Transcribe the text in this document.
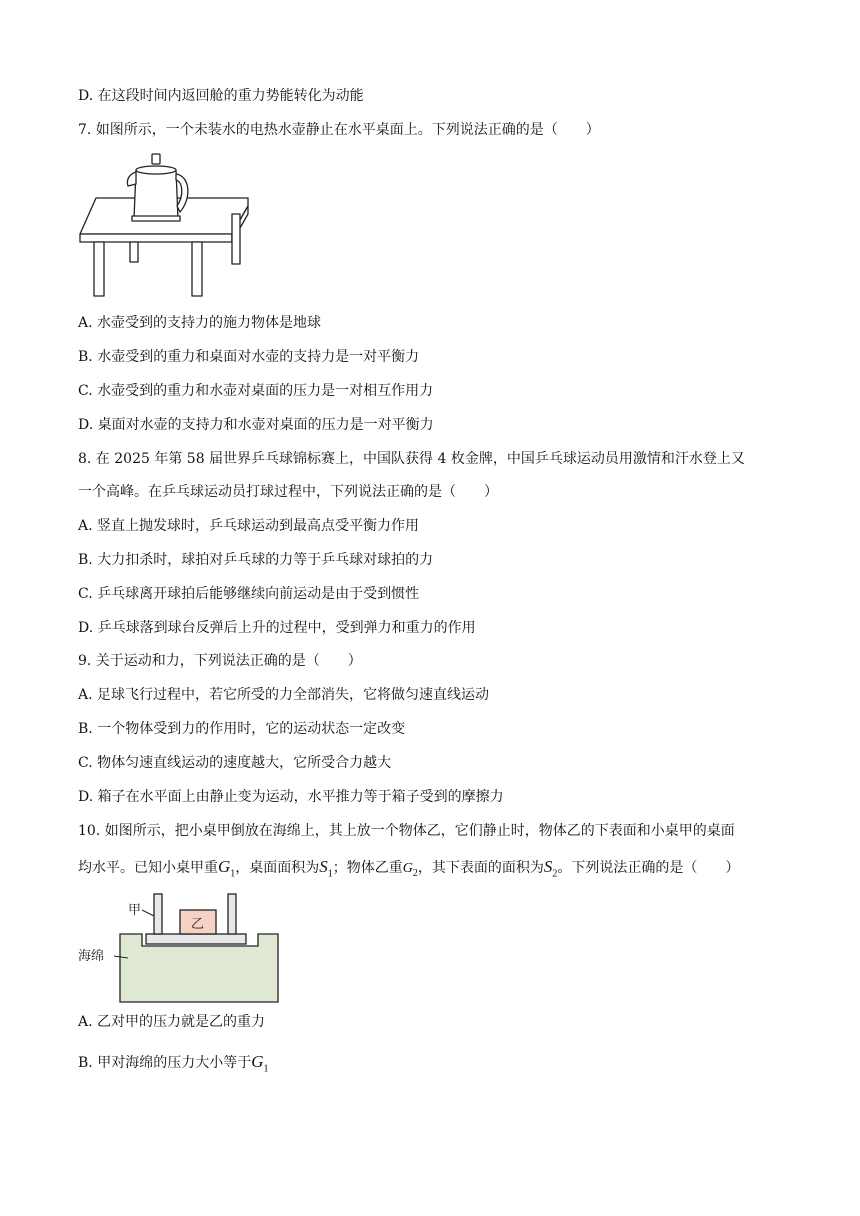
D. 在这段时间内返回舱的重力势能转化为动能
7. 如图所示，一个未装水的电热水壶静止在水平桌面上。下列说法正确的是（　　）
A. 水壶受到的支持力的施力物体是地球
B. 水壶受到的重力和桌面对水壶的支持力是一对平衡力
C. 水壶受到的重力和水壶对桌面的压力是一对相互作用力
D. 桌面对水壶的支持力和水壶对桌面的压力是一对平衡力
8. 在 2025 年第 58 届世界乒乓球锦标赛上，中国队获得 4 枚金牌，中国乒乓球运动员用激情和汗水登上又
一个高峰。在乒乓球运动员打球过程中，下列说法正确的是（　　）
A. 竖直上抛发球时，乒乓球运动到最高点受平衡力作用
B. 大力扣杀时，球拍对乒乓球的力等于乒乓球对球拍的力
C. 乒乓球离开球拍后能够继续向前运动是由于受到惯性
D. 乒乓球落到球台反弹后上升的过程中，受到弹力和重力的作用
9. 关于运动和力，下列说法正确的是（　　）
A. 足球飞行过程中，若它所受的力全部消失，它将做匀速直线运动
B. 一个物体受到力的作用时，它的运动状态一定改变
C. 物体匀速直线运动的速度越大，它所受合力越大
D. 箱子在水平面上由静止变为运动，水平推力等于箱子受到的摩擦力
10. 如图所示，把小桌甲倒放在海绵上，其上放一个物体乙，它们静止时，物体乙的下表面和小桌甲的桌面
均水平。已知小桌甲重$G_1$，桌面面积为$S_1$；物体乙重$G_2$，其下表面的面积为$S_2$。下列说法正确的是（　　）
乙
甲
海绵
A. 乙对甲的压力就是乙的重力
B. 甲对海绵的压力大小等于$G_1$
